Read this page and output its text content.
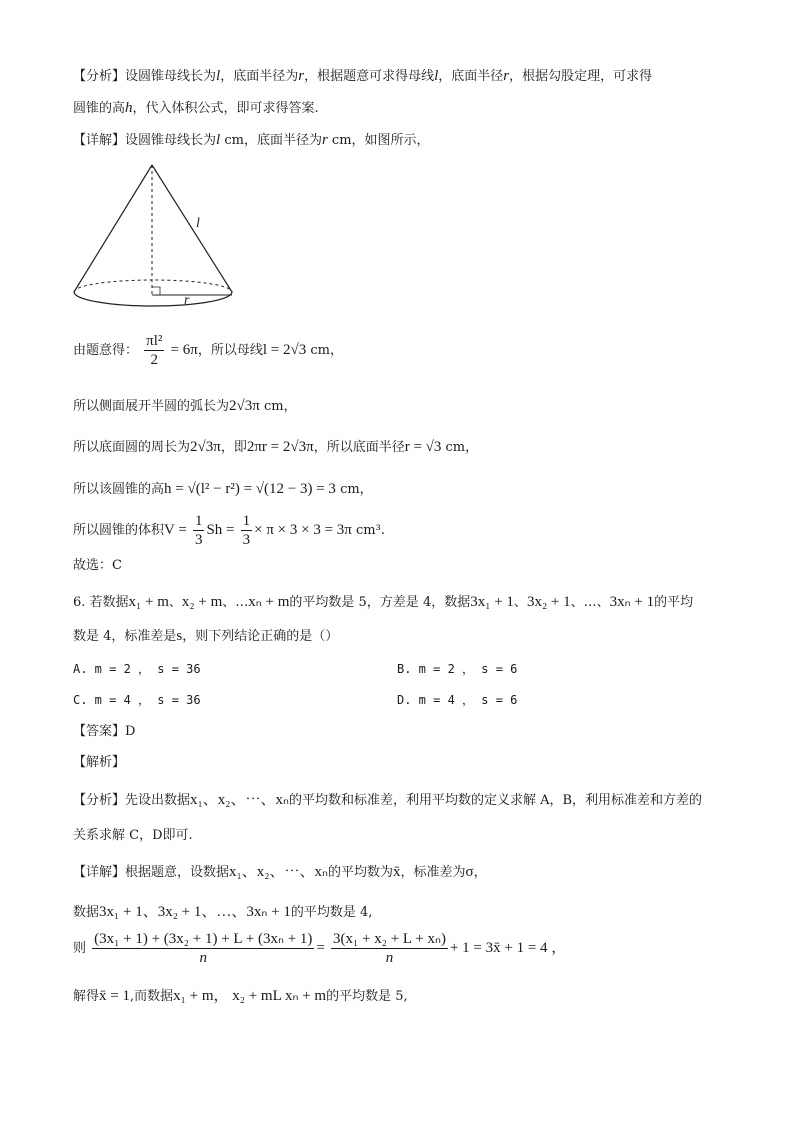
【分析】设圆锥母线长为l，底面半径为r，根据题意可求得母线l，底面半径r，根据勾股定理，可求得
圆锥的高h，代入体积公式，即可求得答案.
【详解】设圆锥母线长为l cm，底面半径为r cm，如图所示，
l
r
由题意得： $\frac{\text{πl²}}{2} = 6\pi$，所以母线l = 2√3 cm，
所以侧面展开半圆的弧长为2√3π cm，
所以底面圆的周长为2√3π，即2πr = 2√3π，所以底面半径r = √3 cm，
所以该圆锥的高h = √(l² − r²) = √(12 − 3) = 3 cm，
所以圆锥的体积$V = \frac{1}{3}$ $Sh = \frac{1}{3} \times \pi \times 3 \times 3 = 3\pi$ cm³.
故选：C
6. 若数据x₁ + m、x₂ + m、…xₙ + m的平均数是 5，方差是 4，数据3x₁ + 1、3x₂ + 1、…、3xₙ + 1的平均
数是 4，标准差是s，则下列结论正确的是（）
A. m = 2 ， s = 36	B. m = 2 ， s = 6
C. m = 4 ， s = 36	D. m = 4 ， s = 6
【答案】D
【解析】
【分析】先设出数据x₁、x₂、⋯、xₙ的平均数和标准差，利用平均数的定义求解 A，B，利用标准差和方差的
关系求解 C，D即可.
【详解】根据题意，设数据x₁、x₂、⋯、xₙ的平均数为x̄，标准差为σ，
数据3x₁ + 1、3x₂ + 1、…、3xₙ + 1的平均数是 4,
则 $\frac{\text{(3x₁ + 1) + (3x₂ + 1) + L + (3xₙ + 1)}}{n} = \frac{\text{3(x₁ + x₂ + L + xₙ)}}{n} + 1$ = 3x̄ + 1 = 4 ，
解得x̄ = 1,而数据x₁ + m， x₂ + mL xₙ + m的平均数是 5,
